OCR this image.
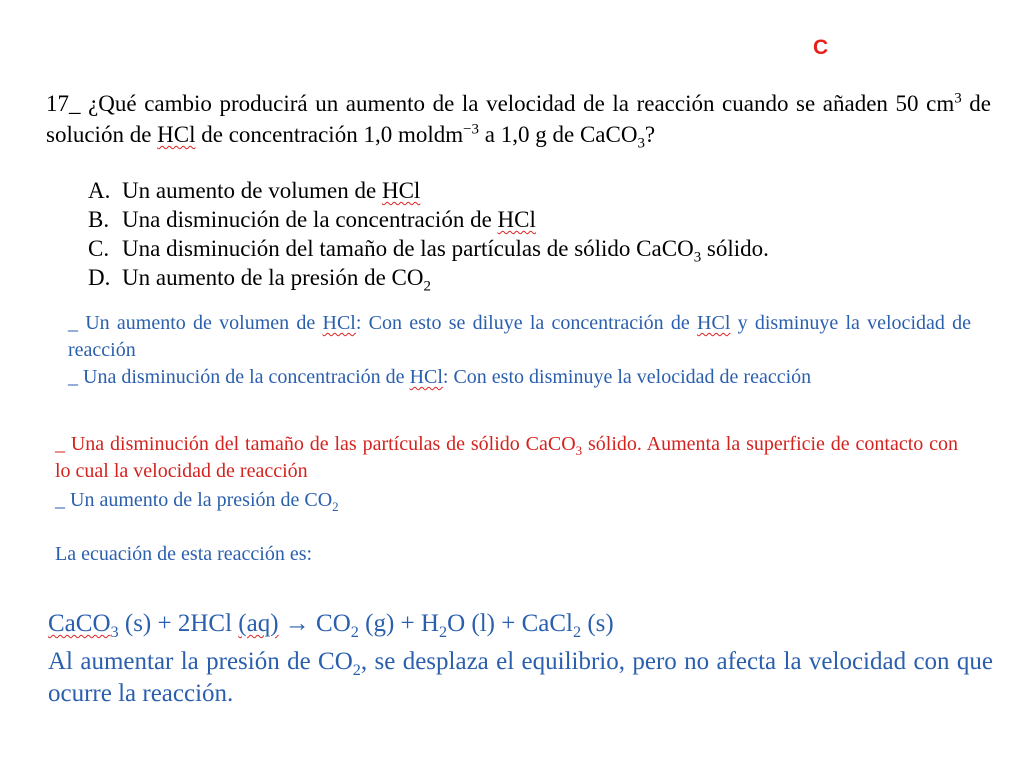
C

17_ ¿Qué cambio producirá un aumento de la velocidad de la reacción cuando se añaden 50 $cm^3$ de solución de HCl de concentración 1,0 moldm$^{-3}$ a 1,0 g de CaCO$_3$?

A. Un aumento de volumen de HCl
B. Una disminución de la concentración de HCl
C. Una disminución del tamaño de las partículas de sólido CaCO$_3$ sólido.
D. Un aumento de la presión de $CO_2$

_ Un aumento de volumen de HCl: Con esto se diluye la concentración de HCl y disminuye la velocidad de reacción
_ Una disminución de la concentración de HCl: Con esto disminuye la velocidad de reacción

_ Una disminución del tamaño de las partículas de sólido CaCO$_3$ sólido. Aumenta la superficie de contacto con lo cual la velocidad de reacción

_ Un aumento de la presión de $CO_2$

La ecuación de esta reacción es:

CaCO$_3$ (s) + 2HCl $(aq) \to CO_2$ $(g) + H_2O$ (l) + CaCl$_2$ (s)

Al aumentar la presión de $CO_2$, se desplaza el equilibrio, pero no afecta la velocidad con que ocurre la reacción.
